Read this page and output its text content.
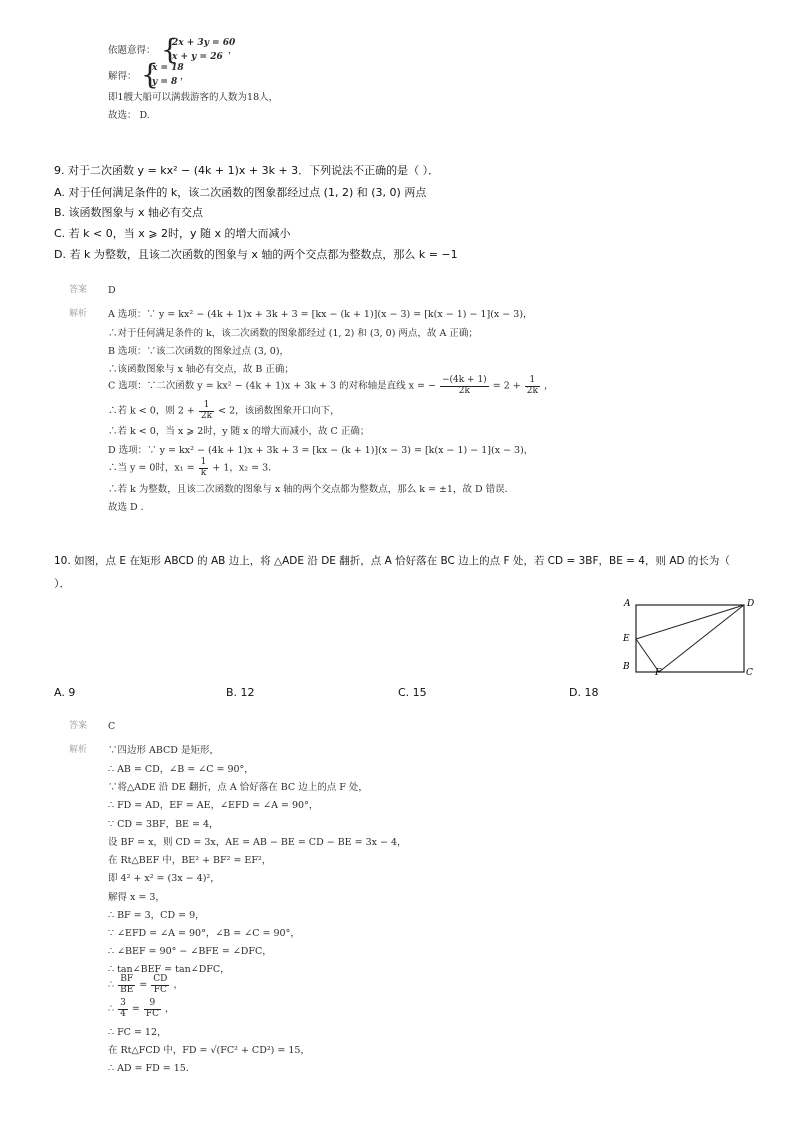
依题意得： {
2x + 3y = 60
，
x + y = 26
解得： {
x = 18
，
y = 8
即1艘大船可以满载游客的人数为18人，
故选： D.
9. 对于二次函数 y = kx² − (4k + 1)x + 3k + 3．下列说法不正确的是（ ）．
A. 对于任何满足条件的 k，该二次函数的图象都经过点 (1, 2) 和 (3, 0) 两点
B. 该函数图象与 x 轴必有交点
C. 若 k < 0，当 x ⩾ 2时，y 随 x 的增大而减小
D. 若 k 为整数，且该二次函数的图象与 x 轴的两个交点都为整数点，那么 k = −1
答案 D
解析 A 选项：∵ y = kx² − (4k + 1)x + 3k + 3 = [kx − (k + 1)](x − 3) = [k(x − 1) − 1](x − 3)，
∴对于任何满足条件的 k，该二次函数的图象都经过 (1, 2) 和 (3, 0) 两点，故 A 正确；
B 选项：∵该二次函数的图象过点 (3, 0)，
∴该函数图象与 x 轴必有交点，故 B 正确；
C 选项：∵二次函数 y = kx² − (4k + 1)x + 3k + 3 的对称轴是直线 x = − $\frac{-(4k + 1)}{2k} = 2 + \frac{1}{2k}$ ，
∴若 k < 0，则 $2 + \frac{1}{2k} < 2$，该函数图象开口向下，
∴若 k < 0，当 x ⩾ 2时，y 随 x 的增大而减小，故 C 正确；
D 选项：∵ y = kx² − (4k + 1)x + 3k + 3 = [kx − (k + 1)](x − 3) = [k(x − 1) − 1](x − 3)，
∴当 y = 0时，$x_1 = \frac{1}{k} + 1$，x₂ = 3．
∴若 k 为整数，且该二次函数的图象与 x 轴的两个交点都为整数点，那么 k = ±1，故 D 错误．
故选 D ．
10. 如图，点 E 在矩形 ABCD 的 AB 边上，将 △ADE 沿 DE 翻折，点 A 恰好落在 BC 边上的点 F 处，若 CD = 3BF，BE = 4，则 AD 的长为（
）．
A	D
E
B
F	C
A. 9	B. 12	C. 15	D. 18
答案 C
解析 ∵四边形 ABCD 是矩形，
∴ AB = CD，∠B = ∠C = 90°，
∵将△ADE 沿 DE 翻折，点 A 恰好落在 BC 边上的点 F 处，
∴ FD = AD，EF = AE，∠EFD = ∠A = 90°，
∵ CD = 3BF，BE = 4，
设 BF = x，则 CD = 3x，AE = AB − BE = CD − BE = 3x − 4，
在 Rt△BEF 中，BE² + BF² = EF²，
即 4² + x² = (3x − 4)²，
解得 x = 3，
∴ BF = 3，CD = 9，
∵ ∠EFD = ∠A = 90°，∠B = ∠C = 90°，
∴ ∠BEF = 90° − ∠BFE = ∠DFC，
∴ tan∠BEF = tan∠DFC，
∴ $\frac{BF}{BE} = \frac{CD}{FC}$ ，
∴ $\frac{3}{4} = \frac{9}{FC}$ ，
∴ FC = 12，
在 Rt△FCD 中，FD = √(FC² + CD²) = 15，
∴ AD = FD = 15．
